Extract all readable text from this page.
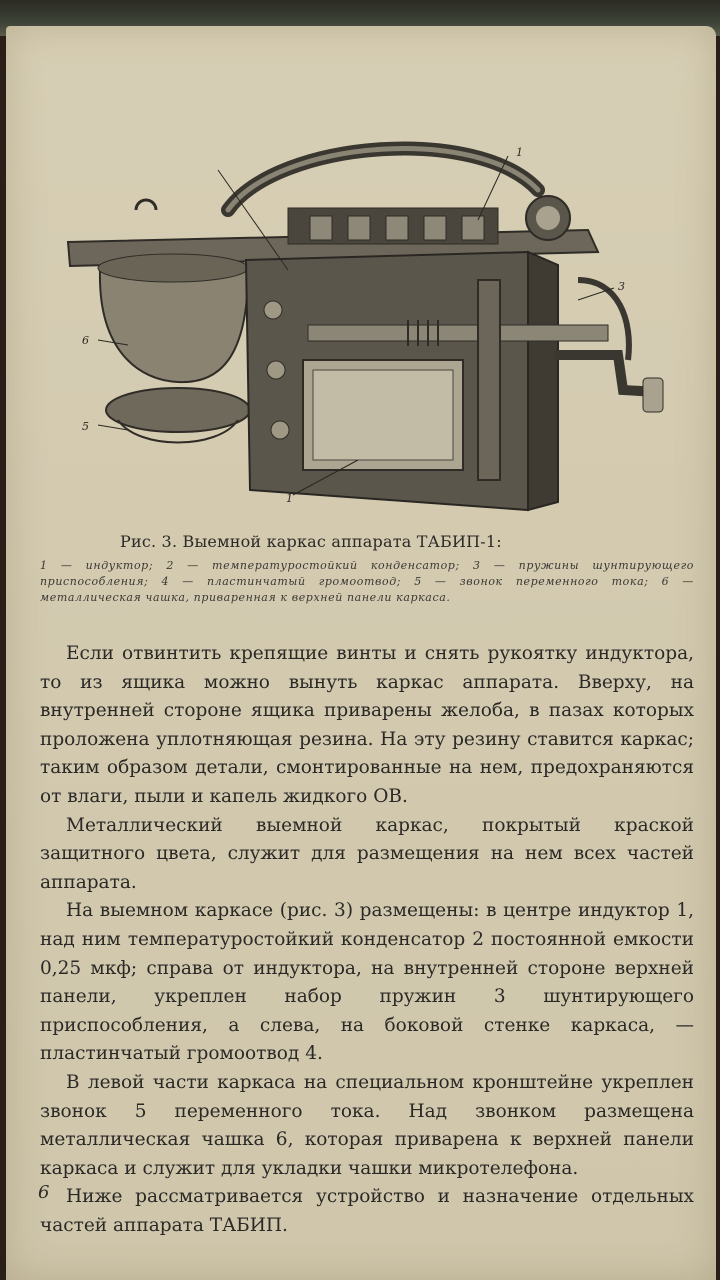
1
3
6
5
1
Рис. 3. Выемной каркас аппарата ТАБИП-1:
1 — индуктор; 2 — температуростойкий конденсатор; 3 — пружины шунтирующего приспособления; 4 — пластинчатый громоотвод; 5 — звонок переменного тока; 6 — металлическая чашка, приваренная к верхней панели каркаса.

Если отвинтить крепящие винты и снять рукоятку индуктора, то из ящика можно вынуть каркас аппарата. Вверху, на внутренней стороне ящика приварены желоба, в пазах которых проложена уплотняющая резина. На эту резину ставится каркас; таким образом детали, смонтированные на нем, предохраняются от влаги, пыли и капель жидкого ОВ.

Металлический выемной каркас, покрытый краской защитного цвета, служит для размещения на нем всех частей аппарата.

На выемном каркасе (рис. 3) размещены: в центре индуктор 1, над ним температуростойкий конденсатор 2 постоянной емкости 0,25 мкф; справа от индуктора, на внутренней стороне верхней панели, укреплен набор пружин 3 шунтирующего приспособления, а слева, на боковой стенке каркаса, — пластинчатый громоотвод 4.

В левой части каркаса на специальном кронштейне укреплен звонок 5 переменного тока. Над звонком размещена металлическая чашка 6, которая приварена к верхней панели каркаса и служит для укладки чашки микротелефона.

Ниже рассматривается устройство и назначение отдельных частей аппарата ТАБИП.

6
